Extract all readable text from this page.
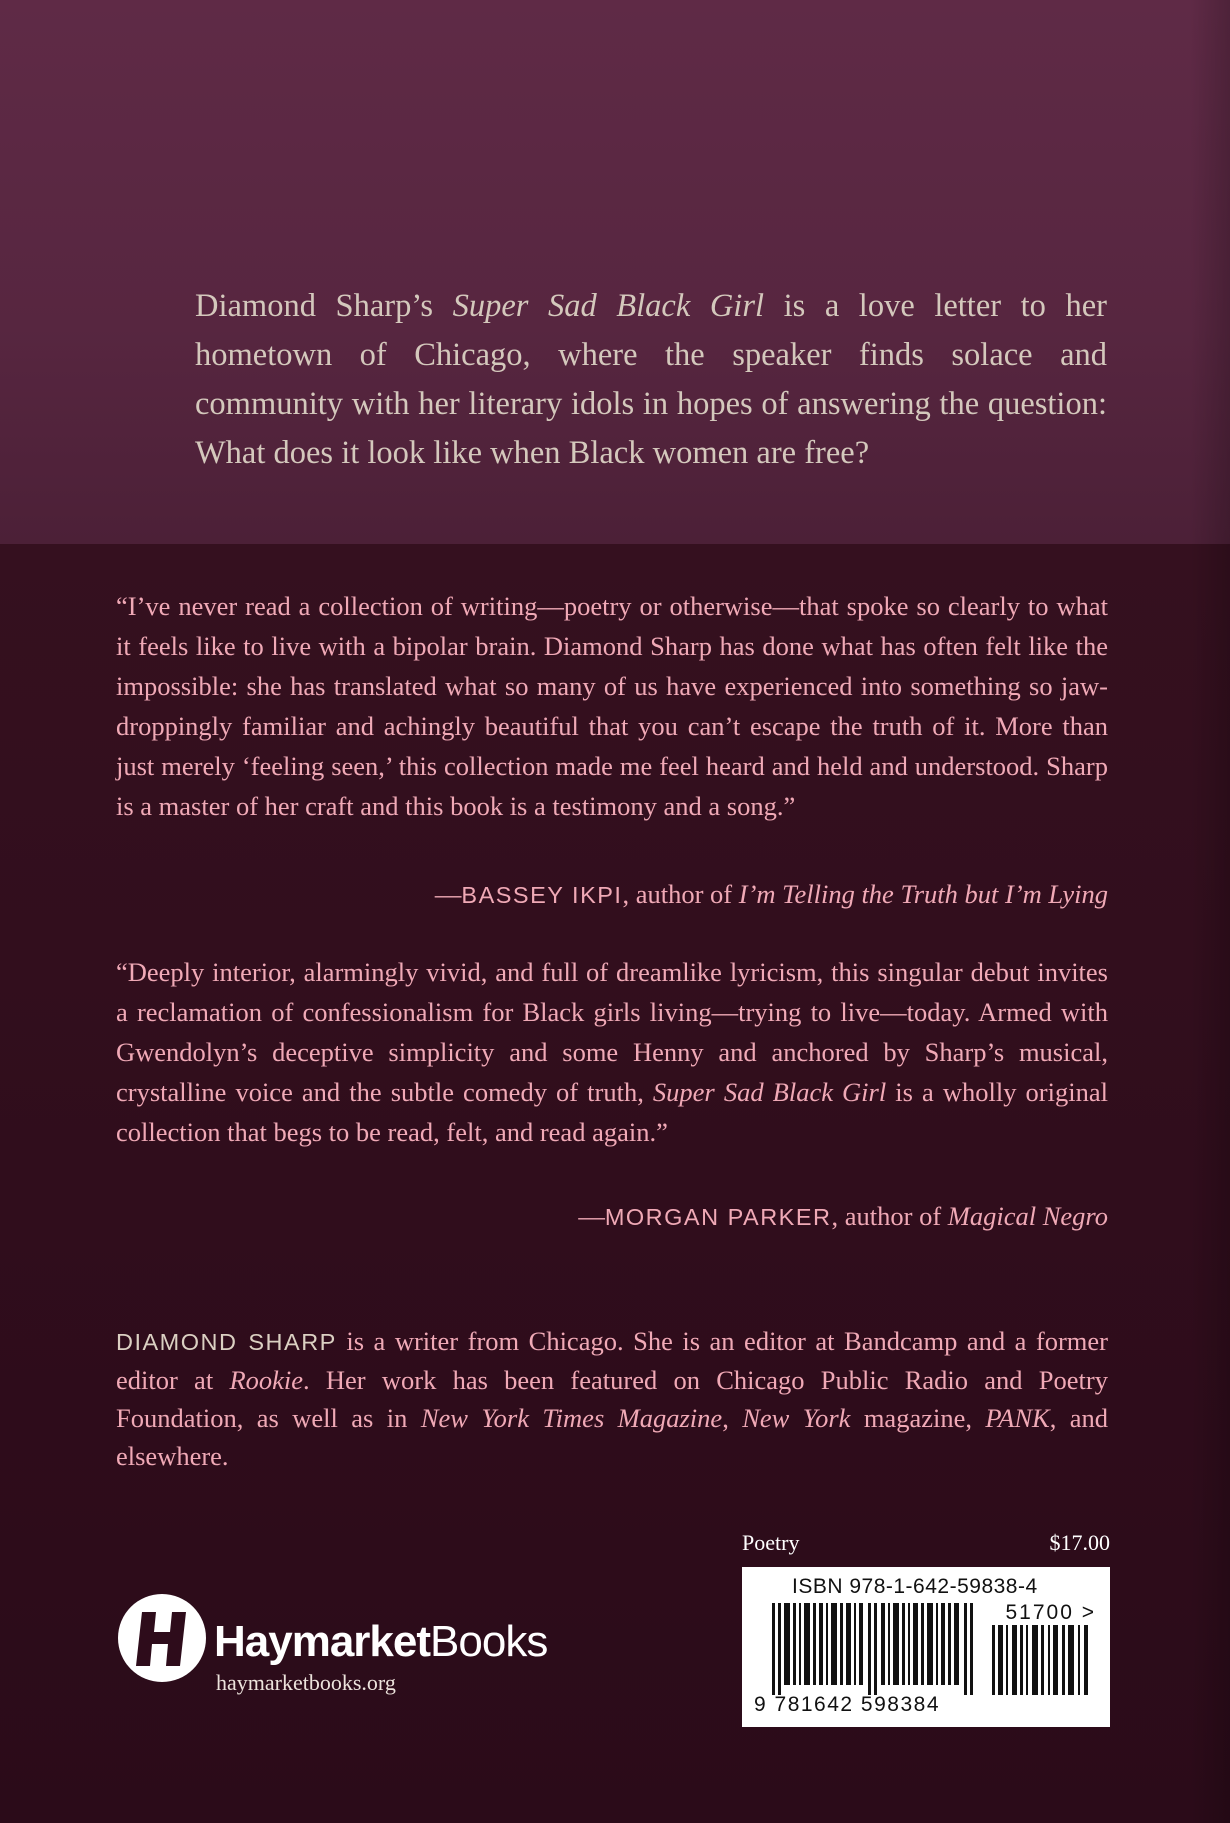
Diamond Sharp’s Super Sad Black Girl is a love letter to her hometown of Chicago, where the speaker finds solace and community with her literary idols in hopes of answering the question: What does it look like when Black women are free?

“I’ve never read a collection of writing—poetry or otherwise—that spoke so clearly to what it feels like to live with a bipolar brain. Diamond Sharp has done what has often felt like the impossible: she has translated what so many of us have experienced into something so jaw-droppingly familiar and achingly beautiful that you can’t escape the truth of it. More than just merely ‘feeling seen,’ this collection made me feel heard and held and understood. Sharp is a master of her craft and this book is a testimony and a song.”

—BASSEY IKPI, author of I’m Telling the Truth but I’m Lying

“Deeply interior, alarmingly vivid, and full of dreamlike lyricism, this singular debut invites a reclamation of confessionalism for Black girls living—trying to live—today. Armed with Gwendolyn’s deceptive simplicity and some Henny and anchored by Sharp’s musical, crystalline voice and the subtle comedy of truth, Super Sad Black Girl is a wholly original collection that begs to be read, felt, and read again.”

—MORGAN PARKER, author of Magical Negro

DIAMOND SHARP is a writer from Chicago. She is an editor at Bandcamp and a former editor at Rookie. Her work has been featured on Chicago Public Radio and Poetry Foundation, as well as in New York Times Magazine, New York magazine, PANK, and elsewhere.

H HaymarketBooks
haymarketbooks.org
Poetry	$17.00
ISBN 978-1-642-59838-4
51700 >
9 781642 598384
